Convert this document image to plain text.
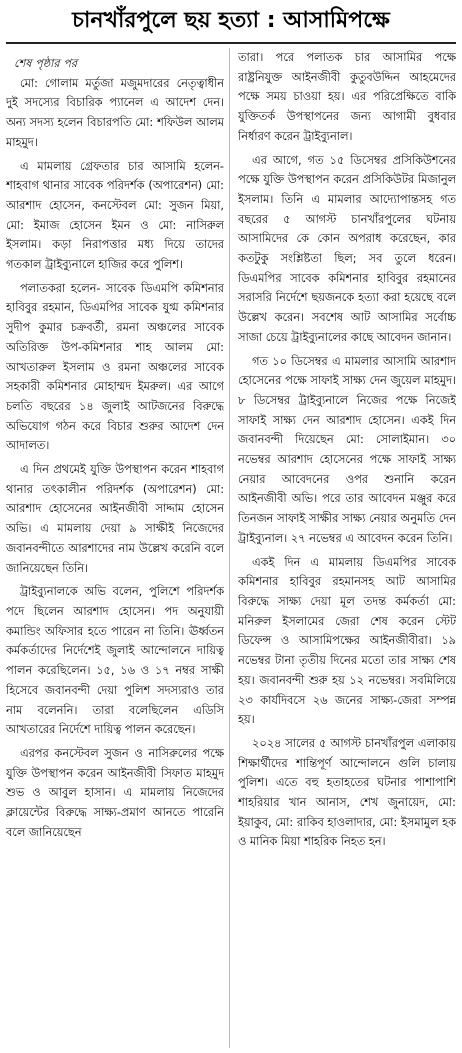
চানখাঁরপুলে ছয় হত্যা : আসামিপক্ষে
শেষ পৃষ্ঠার পর

মো: গোলাম মর্তুজা মজুমদারের নেতৃত্বাধীন দুই সদস্যের বিচারিক প্যানেল এ আদেশ দেন। অন্য সদস্য হলেন বিচারপতি মো: শফিউল আলম মাহমুদ।

এ মামলায় গ্রেফতার চার আসামি হলেন- শাহবাগ থানার সাবেক পরিদর্শক (অপারেশন) মো: আরশাদ হোসেন, কনস্টেবল মো: সুজন মিয়া, মো: ইমাজ হোসেন ইমন ও মো: নাসিরুল ইসলাম। কড়া নিরাপত্তার মধ্য দিয়ে তাদের গতকাল ট্রাইব্যুনালে হাজির করে পুলিশ।

পলাতকরা হলেন- সাবেক ডিএমপি কমিশনার হাবিবুর রহমান, ডিএমপির সাবেক যুগ্ম কমিশনার সুদীপ কুমার চক্রবর্তী, রমনা অঞ্চলের সাবেক অতিরিক্ত উপ-কমিশনার শাহ আলম মো: আখতারুল ইসলাম ও রমনা অঞ্চলের সাবেক সহকারী কমিশনার মোহাম্মদ ইমরুল। এর আগে চলতি বছরের ১৪ জুলাই আটজনের বিরুদ্ধে অভিযোগ গঠন করে বিচার শুরুর আদেশ দেন আদালত।

এ দিন প্রথমেই যুক্তি উপস্থাপন করেন শাহবাগ থানার তৎকালীন পরিদর্শক (অপারেশন) মো: আরশাদ হোসেনের আইনজীবী সাদ্দাম হোসেন অভি। এ মামলায় দেয়া ৯ সাক্ষীই নিজেদের জবানবন্দীতে আরশাদের নাম উল্লেখ করেনি বলে জানিয়েছেন তিনি।

ট্রাইব্যুনালকে অভি বলেন, পুলিশে পরিদর্শক পদে ছিলেন আরশাদ হোসেন। পদ অনুযায়ী কমান্ডিং অফিসার হতে পারেন না তিনি। ঊর্ধ্বতন কর্মকর্তাদের নির্দেশেই জুলাই আন্দোলনে দায়িত্ব পালন করেছিলেন। ১৫, ১৬ ও ১৭ নম্বর সাক্ষী হিসেবে জবানবন্দী দেয়া পুলিশ সদস্যরাও তার নাম বলেননি। তারা বলেছিলেন এডিসি আখতারের নির্দেশে দায়িত্ব পালন করেছেন।

এরপর কনস্টেবল সুজন ও নাসিরুলের পক্ষে যুক্তি উপস্থাপন করেন আইনজীবী সিফাত মাহমুদ শুভ ও আবুল হাসান। এ মামলায় নিজেদের ক্লায়েন্টের বিরুদ্ধে সাক্ষ্য-প্রমাণ আনতে পারেনি বলে জানিয়েছেন

তারা। পরে পলাতক চার আসামির পক্ষে রাষ্ট্রনিযুক্ত আইনজীবী কুতুবউদ্দিন আহমেদের পক্ষে সময় চাওয়া হয়। এর পরিপ্রেক্ষিতে বাকি যুক্তিতর্ক উপস্থাপনের জন্য আগামী বুধবার নির্ধারণ করেন ট্রাইব্যুনাল।

এর আগে, গত ১৫ ডিসেম্বর প্রসিকিউশনের পক্ষে যুক্তি উপস্থাপন করেন প্রসিকিউটর মিজানুল ইসলাম। তিনি এ মামলার আদ্যোপান্তসহ গত বছরের ৫ আগস্ট চানখাঁরপুলের ঘটনায় আসামিদের কে কোন অপরাধ করেছেন, কার কতটুকু সংশ্লিষ্টতা ছিল; সব তুলে ধরেন। ডিএমপির সাবেক কমিশনার হাবিবুর রহমানের সরাসরি নির্দেশে ছয়জনকে হত্যা করা হয়েছে বলে উল্লেখ করেন। সবশেষ আট আসামির সর্বোচ্চ সাজা চেয়ে ট্রাইব্যুনালের কাছে আবেদন জানান।

গত ১০ ডিসেম্বর এ মামলার আসামি আরশাদ হোসেনের পক্ষে সাফাই সাক্ষ্য দেন জুয়েল মাহমুদ। ৮ ডিসেম্বর ট্রাইব্যুনালে নিজের পক্ষে নিজেই সাফাই সাক্ষ্য দেন আরশাদ হোসেন। একই দিন জবানবন্দী দিয়েছেন মো: সোলাইমান। ৩০ নভেম্বর আরশাদ হোসেনের পক্ষে সাফাই সাক্ষ্য নেয়ার আবেদনের ওপর শুনানি করেন আইনজীবী অভি। পরে তার আবেদন মঞ্জুর করে তিনজন সাফাই সাক্ষীর সাক্ষ্য নেয়ার অনুমতি দেন ট্রাইব্যুনাল। ২৭ নভেম্বর এ আবেদন করেন তিনি।

একই দিন এ মামলায় ডিএমপির সাবেক কমিশনার হাবিবুর রহমানসহ আট আসামির বিরুদ্ধে সাক্ষ্য দেয়া মূল তদন্ত কর্মকর্তা মো: মনিরুল ইসলামের জেরা শেষ করেন স্টেট ডিফেন্স ও আসামিপক্ষের আইনজীবীরা। ১৯ নভেম্বর টানা তৃতীয় দিনের মতো তার সাক্ষ্য শেষ হয়। জবানবন্দী শুরু হয় ১২ নভেম্বর। সবমিলিয়ে ২৩ কার্যদিবসে ২৬ জনের সাক্ষ্য-জেরা সম্পন্ন হয়।

২০২৪ সালের ৫ আগস্ট চানখাঁরপুল এলাকায় শিক্ষার্থীদের শান্তিপূর্ণ আন্দোলনে গুলি চালায় পুলিশ। এতে বহু হতাহতের ঘটনার পাশাপাশি শাহরিয়ার খান আনাস, শেখ জুনায়েদ, মো: ইয়াকুব, মো: রাকিব হাওলাদার, মো: ইসমামুল হক ও মানিক মিয়া শাহরিক নিহত হন।
